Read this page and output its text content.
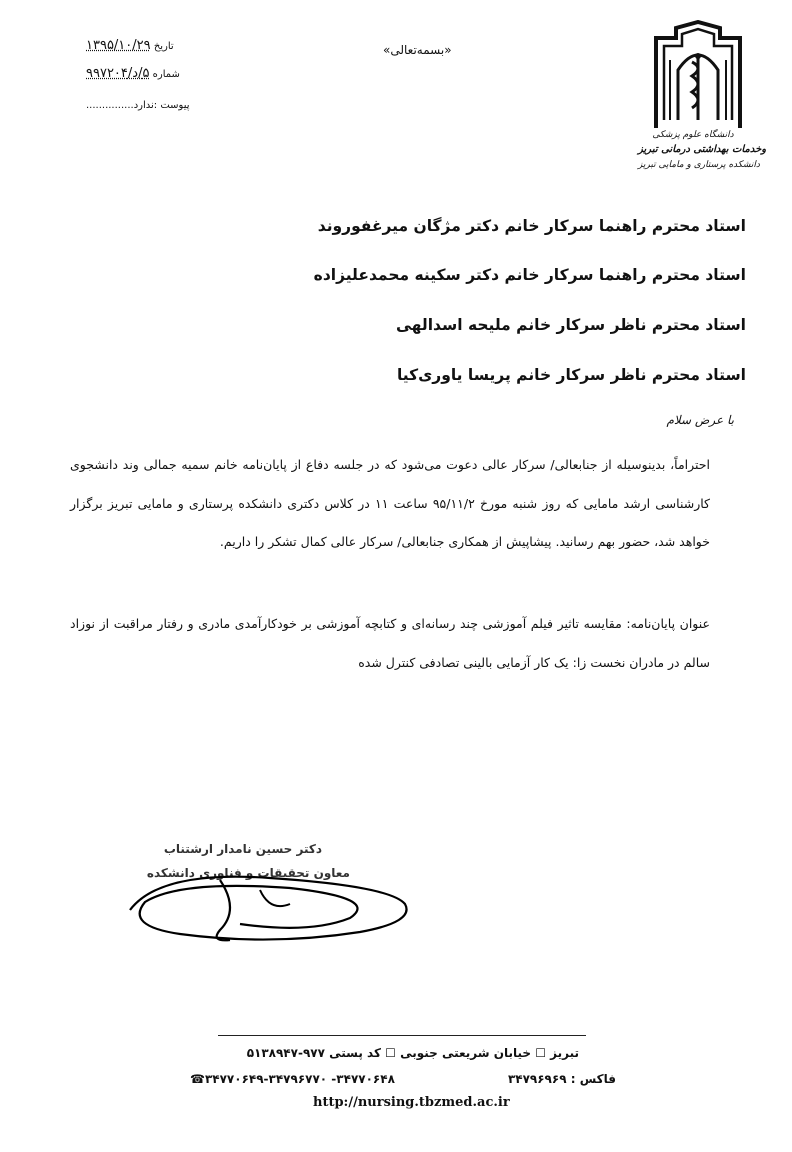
دانشگاه علوم پزشکی
وخدمات بهداشتی درمانی تبریز
دانشکده پرستاری و مامایی تبریز
«بسمه‌تعالی»
تاریخ ۱۳۹۵/۱۰/۲۹
شماره ۵/د/۹۹۷۲۰۴
پیوست :ندارد...............
استاد محترم راهنما سرکار خانم دکتر مژگان میرغفوروند
استاد محترم راهنما سرکار خانم دکتر سکینه محمدعلیزاده
استاد محترم ناظر سرکار خانم ملیحه اسدالهی
استاد محترم ناظر سرکار خانم پریسا یاوری‌کیا
با عرض سلام

احتراماً، بدینوسیله از جنابعالی/ سرکار عالی دعوت می‌شود که در جلسه دفاع از پایان‌نامه خانم سمیه جمالی وند دانشجوی کارشناسی ارشد مامایی که روز شنبه مورخ ۹۵/۱۱/۲ ساعت ۱۱ در کلاس دکتری دانشکده پرستاری و مامایی تبریز برگزار خواهد شد، حضور بهم رسانید. پیشاپیش از همکاری جنابعالی/ سرکار عالی کمال تشکر را داریم.

عنوان پایان‌نامه: مقایسه تاثیر فیلم آموزشی چند رسانه‌ای و کتابچه آموزشی بر خودکارآمدی مادری و رفتار مراقبت از نوزاد سالم در مادران نخست زا: یک کار آزمایی بالینی تصادفی کنترل شده
دکتر حسین نامدار ارشتناب
معاون تحقیقات و فناوری دانشکده
تبریز ☐ خیابان شریعتی جنوبی ☐ کد پستی ۹۷۷-۵۱۳۸۹۴۷
فاکس : ۳۴۷۹۶۹۶۹
۳۴۷۷۰۶۴۸- ۳۴۷۷۰۶۴۹-۳۴۷۹۶۷۷۰☎
http://nursing.tbzmed.ac.ir
